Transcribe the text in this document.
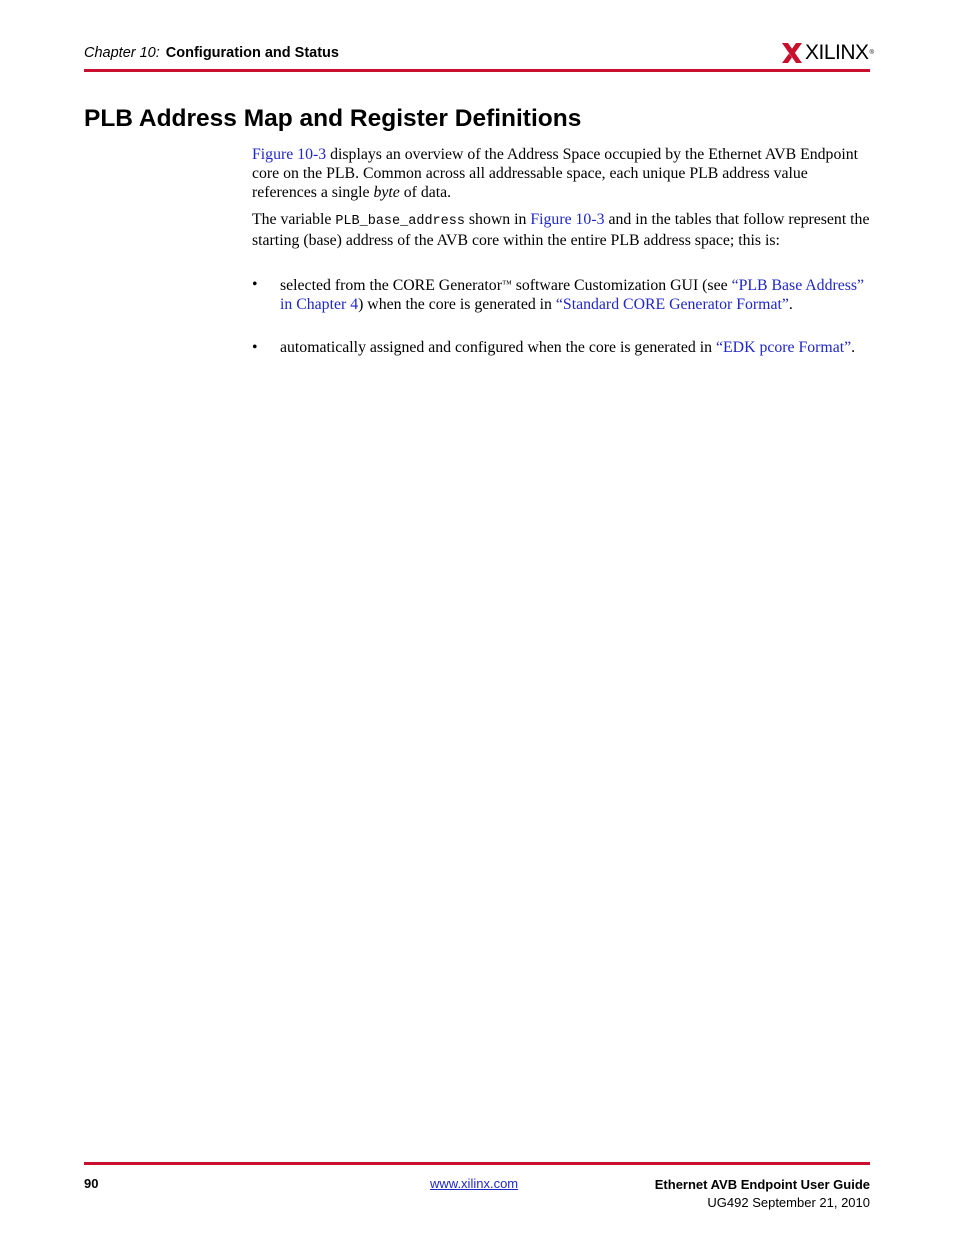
Chapter 10: Configuration and Status	XILINX®
PLB Address Map and Register Definitions

Figure 10-3 displays an overview of the Address Space occupied by the Ethernet AVB Endpoint core on the PLB. Common across all addressable space, each unique PLB address value references a single byte of data.

The variable PLB_base_address shown in Figure 10-3 and in the tables that follow represent the starting (base) address of the AVB core within the entire PLB address space; this is:

• selected from the CORE Generator™ software Customization GUI (see “PLB Base Address” in Chapter 4) when the core is generated in “Standard CORE Generator Format”.
• automatically assigned and configured when the core is generated in “EDK pcore Format”.
90	www.xilinx.com	Ethernet AVB Endpoint User Guide
UG492 September 21, 2010
